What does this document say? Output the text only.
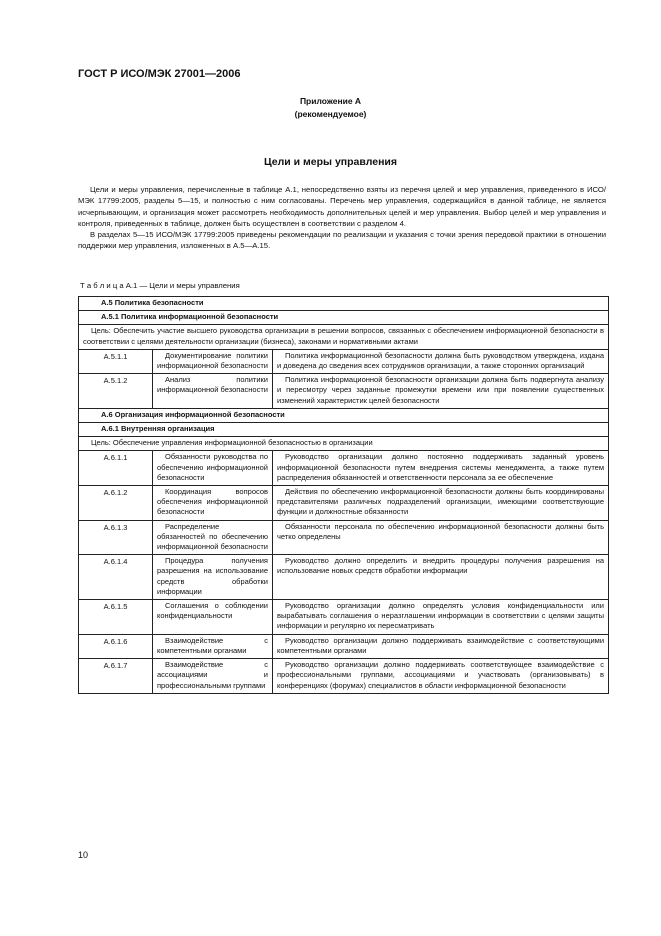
ГОСТ Р ИСО/МЭК 27001—2006
Приложение А
(рекомендуемое)
Цели и меры управления

Цели и меры управления, перечисленные в таблице А.1, непосредственно взяты из перечня целей и мер управления, приведенного в ИСО/МЭК 17799:2005, разделы 5—15, и полностью с ним согласованы. Перечень мер управления, содержащийся в данной таблице, не является исчерпывающим, и организация может рассмотреть необходимость дополнительных целей и мер управления. Выбор целей и мер управления и контроля, приведенных в таблице, должен быть осуществлен в соответствии с разделом 4.

В разделах 5—15 ИСО/МЭК 17799:2005 приведены рекомендации по реализации и указания с точки зрения передовой практики в отношении поддержки мер управления, изложенных в А.5—А.15.

Т а б л и ц а А.1 — Цели и меры управления
А.5 Политика безопасности		
А.5.1 Политика информационной безопасности		
Цель: Обеспечить участие высшего руководства организации в решении вопросов, связанных с обеспечением информационной безопасности в соответствии с целями деятельности организации (бизнеса), законами и нормативными актами		
А.5.1.1	Документирование политики информационной безопасности	Политика информационной безопасности должна быть руководством утверждена, издана и доведена до сведения всех сотрудников организации, а также сторонних организаций
А.5.1.2	Анализ политики информационной безопасности	Политика информационной безопасности организации должна быть подвергнута анализу и пересмотру через заданные промежутки времени или при появлении существенных изменений характеристик целей безопасности
А.6 Организация информационной безопасности		
А.6.1 Внутренняя организация		
Цель: Обеспечение управления информационной безопасностью в организации		
А.6.1.1	Обязанности руководства по обеспечению информационной безопасности	Руководство организации должно постоянно поддерживать заданный уровень информационной безопасности путем внедрения системы менеджмента, а также путем распределения обязанностей и ответственности персонала за ее обеспечение
А.6.1.2	Координация вопросов обеспечения информационной безопасности	Действия по обеспечению информационной безопасности должны быть координированы представителями различных подразделений организации, имеющими соответствующие функции и должностные обязанности
А.6.1.3	Распределение обязанностей по обеспечению информационной безопасности	Обязанности персонала по обеспечению информационной безопасности должны быть четко определены
А.6.1.4	Процедура получения разрешения на использование средств обработки информации	Руководство должно определить и внедрить процедуры получения разрешения на использование новых средств обработки информации
А.6.1.5	Соглашения о соблюдении конфиденциальности	Руководство организации должно определять условия конфиденциальности или вырабатывать соглашения о неразглашении информации в соответствии с целями защиты информации и регулярно их пересматривать
А.6.1.6	Взаимодействие с компетентными органами	Руководство организации должно поддерживать взаимодействие с соответствующими компетентными органами
А.6.1.7	Взаимодействие с ассоциациями и профессиональными группами	Руководство организации должно поддерживать соответствующее взаимодействие с профессиональными группами, ассоциациями и участвовать (организовывать) в конференциях (форумах) специалистов в области информационной безопасности
10
